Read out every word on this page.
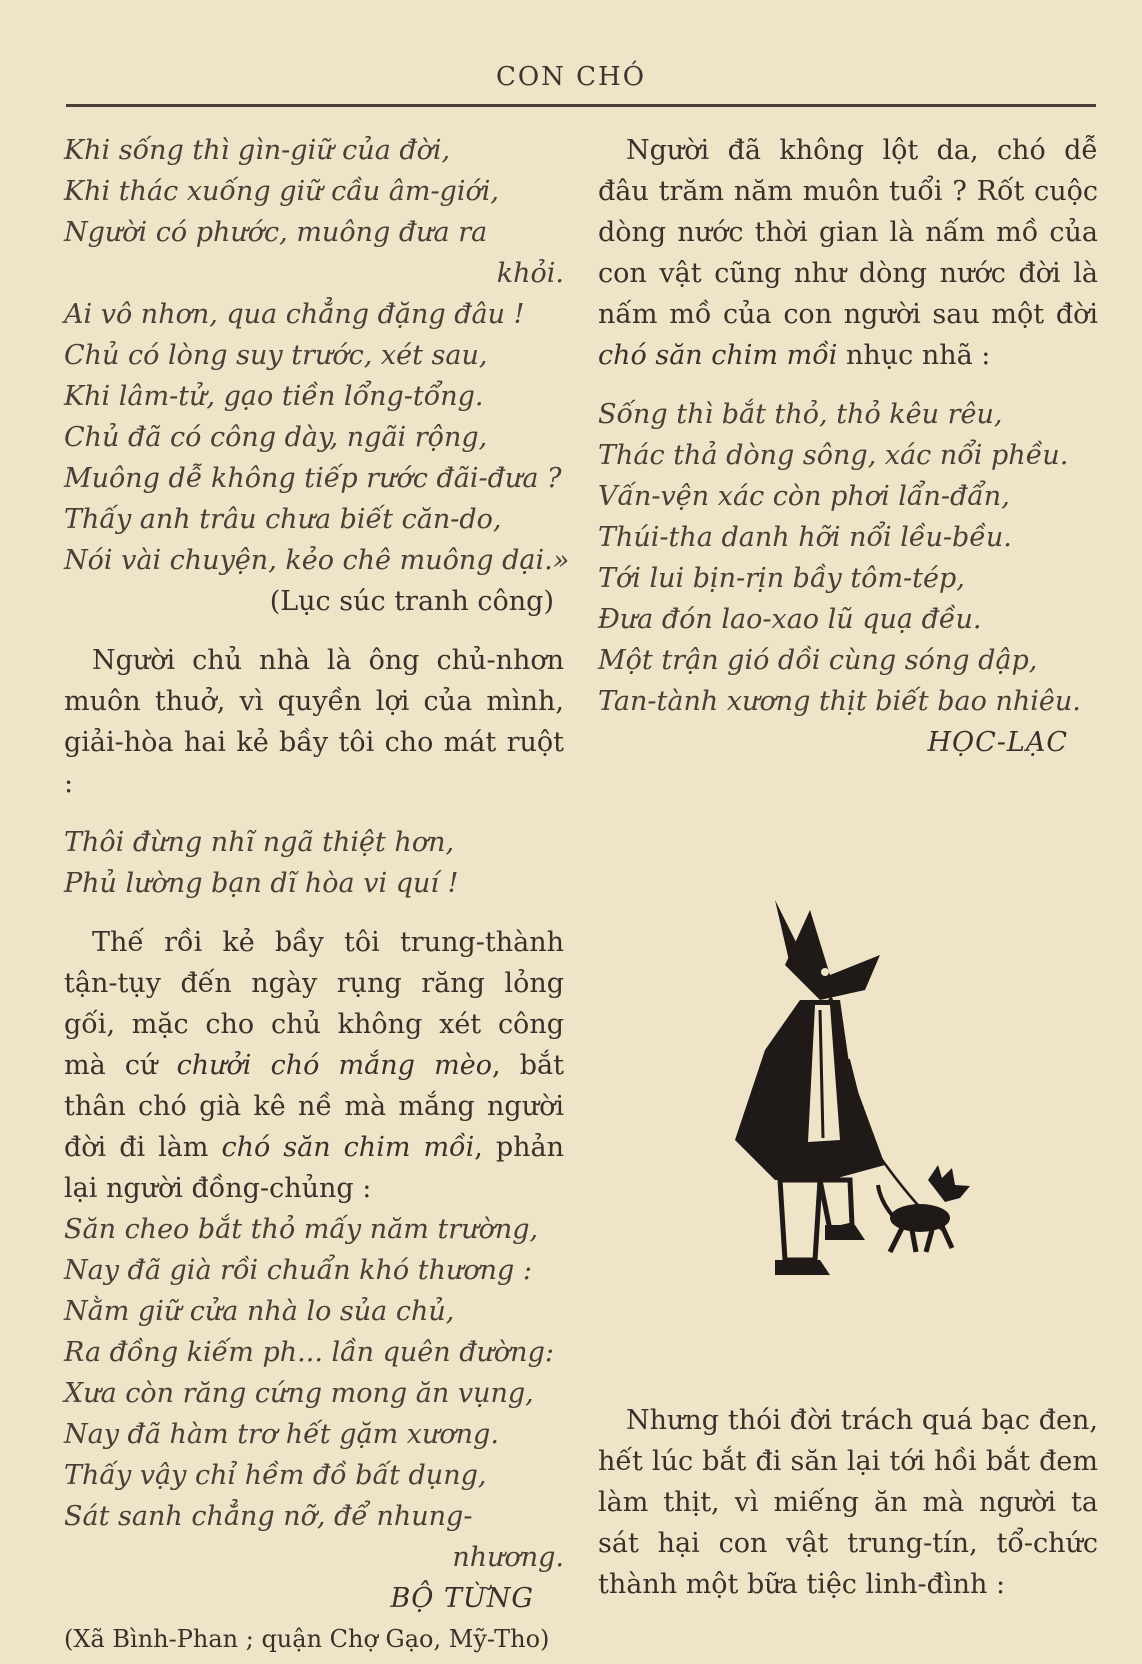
CON CHÓ
Khi sống thì gìn-giữ của đời,
Khi thác xuống giữ cầu âm-giới,
Người có phước, muông đưa ra
khỏi.
Ai vô nhơn, qua chẳng đặng đâu !
Chủ có lòng suy trước, xét sau,
Khi lâm-tử, gạo tiền lổng-tổng.
Chủ đã có công dày, ngãi rộng,
Muông dễ không tiếp rước đãi-đưa ?
Thấy anh trâu chưa biết căn-do,
Nói vài chuyện, kẻo chê muông dại.»

(Lục súc tranh công)

Người chủ nhà là ông chủ-nhơn muôn thuở, vì quyền lợi của mình, giải-hòa hai kẻ bầy tôi cho mát ruột :

Thôi đừng nhĩ ngã thiệt hơn,
Phủ lường bạn dĩ hòa vi quí !

Thế rồi kẻ bầy tôi trung-thành tận-tụy đến ngày rụng răng lỏng gối, mặc cho chủ không xét công mà cứ chưởi chó mắng mèo, bắt thân chó già kê nề mà mắng người đời đi làm chó săn chim mồi, phản lại người đồng-chủng :

Săn cheo bắt thỏ mấy năm trường,
Nay đã già rồi chuẩn khó thương :
Nằm giữ cửa nhà lo sủa chủ,
Ra đồng kiếm ph... lần quên đường:
Xưa còn răng cứng mong ăn vụng,
Nay đã hàm trơ hết gặm xương.
Thấy vậy chỉ hềm đồ bất dụng,
Sát sanh chẳng nỡ, để nhung-
nhương.

BỘ TỪNG

(Xã Bình-Phan ; quận Chợ Gạo, Mỹ-Tho)

Người đã không lột da, chó dễ đâu trăm năm muôn tuổi ? Rốt cuộc dòng nước thời gian là nấm mồ của con vật cũng như dòng nước đời là nấm mồ của con người sau một đời chó săn chim mồi nhục nhã :

Sống thì bắt thỏ, thỏ kêu rêu,
Thác thả dòng sông, xác nổi phều.
Vấn-vện xác còn phơi lẩn-đẩn,
Thúi-tha danh hỡi nổi lều-bều.
Tới lui bịn-rịn bầy tôm-tép,
Đưa đón lao-xao lũ quạ đều.
Một trận gió dồi cùng sóng dập,
Tan-tành xương thịt biết bao nhiêu.

HỌC-LẠC

Nhưng thói đời trách quá bạc đen, hết lúc bắt đi săn lại tới hồi bắt đem làm thịt, vì miếng ăn mà người ta sát hại con vật trung-tín, tổ-chức thành một bữa tiệc linh-đình :
